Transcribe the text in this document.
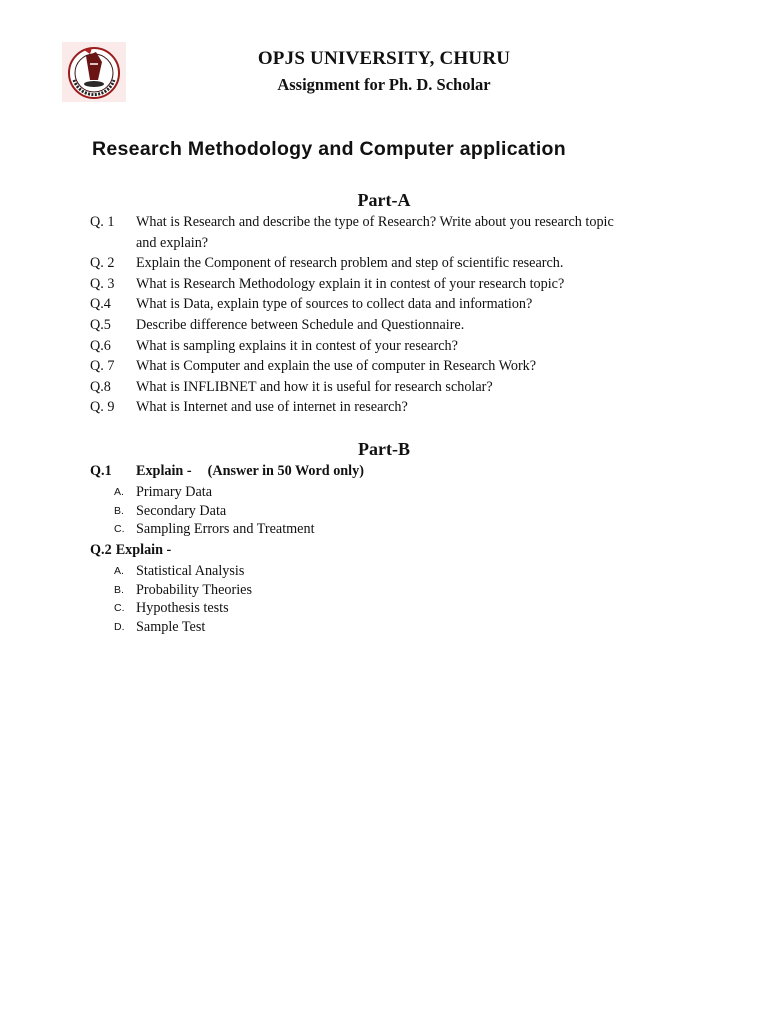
OPJS UNIVERSITY, CHURU
Assignment for Ph. D. Scholar
Research Methodology and Computer application
Part-A
Q. 1	What is Research and describe the type of Research? Write about you research topic
and explain?
Q. 2	Explain the Component of research problem and step of scientific research.
Q. 3	What is Research Methodology explain it in contest of your research topic?
Q.4	What is Data, explain type of sources to collect data and information?
Q.5	Describe difference between Schedule and Questionnaire.
Q.6	What is sampling explains it in contest of your research?
Q. 7	What is Computer and explain the use of computer in Research Work?
Q.8	What is INFLIBNET and how it is useful for research scholar?
Q. 9	What is Internet and use of internet in research?
Part-B
Q.1	Explain - (Answer in 50 Word only)
A. Primary Data
B. Secondary Data
C. Sampling Errors and Treatment
Q.2 Explain -
A. Statistical Analysis
B. Probability Theories
C. Hypothesis tests
D. Sample Test
